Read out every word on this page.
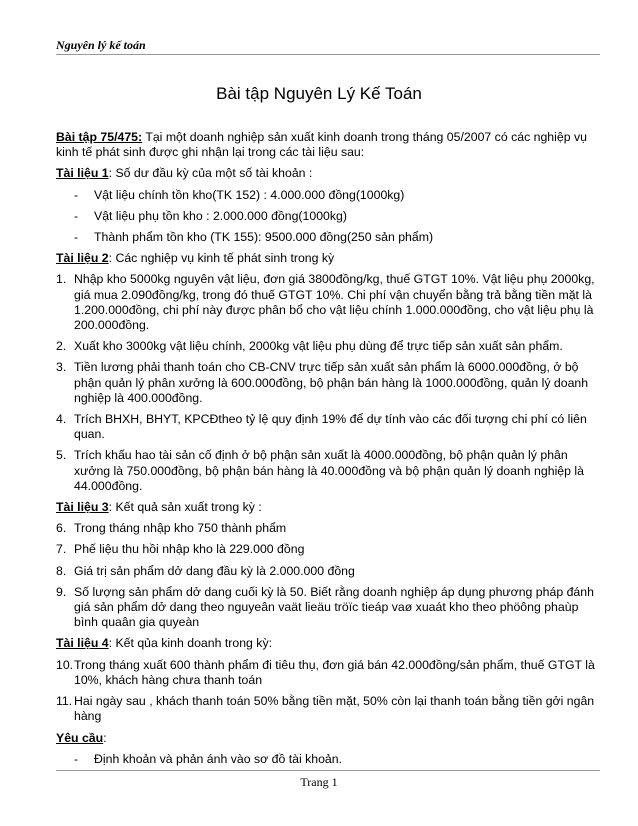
Nguyên lý kế toán
Bài tập Nguyên Lý Kế Toán

Bài tập 75/475: Tại một doanh nghiệp sản xuất kinh doanh trong tháng 05/2007 có các nghiệp vụ kinh tế phát sinh được ghi nhận lại trong các tài liệu sau:

Tài liệu 1: Số dư đầu kỳ của một số tài khoản :

- Vật liệu chính tồn kho(TK 152) : 4.000.000 đồng(1000kg)
- Vật liệu phụ tồn kho : 2.000.000 đồng(1000kg)
- Thành phẩm tồn kho (TK 155): 9500.000 đồng(250 sản phẩm)

Tài liệu 2: Các nghiệp vụ kinh tế phát sinh trong kỳ

1. Nhập kho 5000kg nguyên vật liệu, đơn giá 3800đồng/kg, thuế GTGT 10%. Vật liệu phụ 2000kg, giá mua 2.090đồng/kg, trong đó thuế GTGT 10%. Chi phí vận chuyển bằng trả bằng tiền mặt là 1.200.000đồng, chi phí này được phân bổ cho vật liệu chính 1.000.000đồng, cho vật liệu phụ là 200.000đồng.
2. Xuất kho 3000kg vật liệu chính, 2000kg vật liệu phụ dùng để trực tiếp sản xuất sản phẩm.
3. Tiền lương phải thanh toán cho CB-CNV trực tiếp sản xuất sản phẩm là 6000.000đồng, ở bộ phận quản lý phân xưởng là 600.000đồng, bộ phận bán hàng là 1000.000đồng, quản lý doanh nghiệp là 400.000đồng.
4. Trích BHXH, BHYT, KPCĐtheo tỷ lệ quy định 19% để dự tính vào các đối tượng chi phí có liên quan.
5. Trích khấu hao tài sản cố định ở bộ phận sản xuất là 4000.000đồng, bộ phận quản lý phân xưởng là 750.000đồng, bộ phận bán hàng là 40.000đồng và bộ phận quản lý doanh nghiệp là 44.000đồng.

Tài liệu 3: Kết quả sản xuất trong kỳ :

6. Trong tháng nhập kho 750 thành phẩm
7. Phế liệu thu hồi nhập kho là 229.000 đồng
8. Giá trị sản phẩm dở dang đầu kỳ là 2.000.000 đồng
9. Số lượng sản phẩm dở dang cuối kỳ là 50. Biết rằng doanh nghiệp áp dụng phương pháp đánh giá sản phẩm dở dang theo nguyeân vaät lieäu tröïc tieáp vaø xuaát kho theo phöông phaùp bình quaân gia quyeàn

Tài liệu 4: Kết qủa kinh doanh trong kỳ:

10. Trong tháng xuất 600 thành phẩm đi tiêu thụ, đơn giá bán 42.000đồng/sản phẩm, thuế GTGT là 10%, khách hàng chưa thanh toán
11. Hai ngày sau , khách thanh toán 50% bằng tiền mặt, 50% còn lại thanh toán bằng tiền gởi ngân hàng

Yêu cầu:

- Định khoản và phản ánh vào sơ đồ tài khoản.
Trang 1
